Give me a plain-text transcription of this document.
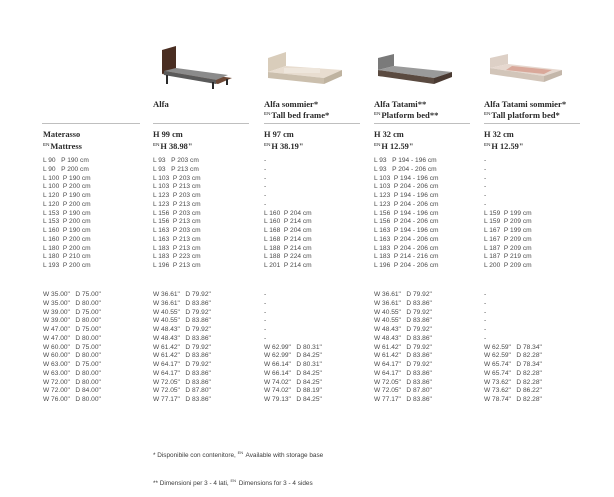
Alfa	Alfa sommier*
$^{EN}$Tall bed frame*
Alfa Tatami**
$^{EN}$Platform bed**
Alfa Tatami sommier*
$^{EN}$Tall platform bed*
Materasso
$^{EN}$Mattress
H 99 cm
$^{EN}$H 38.98"
H 97 cm
$^{EN}$H 38.19"
H 32 cm
$^{EN}$H 12.59"
H 32 cm
$^{EN}$H 12.59"
L 90   P 190 cm
L 90   P 200 cm
L 100  P 190 cm
L 100  P 200 cm
L 120  P 190 cm
L 120  P 200 cm
L 153  P 190 cm
L 153  P 200 cm
L 160  P 190 cm
L 160  P 200 cm
L 180  P 200 cm
L 180  P 210 cm
L 193  P 200 cm
W 35.00"   D 75.00"
W 35.00"   D 80.00"
W 39.00"   D 75.00"
W 39.00"   D 80.00"
W 47.00"   D 75.00"
W 47.00"   D 80.00"
W 60.00"   D 75.00"
W 60.00"   D 80.00"
W 63.00"   D 75.00"
W 63.00"   D 80.00"
W 72.00"   D 80.00"
W 72.00"   D 84.00"
W 76.00"   D 80.00"
L 93   P 203 cm
L 93   P 213 cm
L 103  P 203 cm
L 103  P 213 cm
L 123  P 203 cm
L 123  P 213 cm
L 156  P 203 cm
L 156  P 213 cm
L 163  P 203 cm
L 163  P 213 cm
L 183  P 213 cm
L 183  P 223 cm
L 196  P 213 cm
W 36.61"   D 79.92"
W 36.61"   D 83.86"
W 40.55"   D 79.92"
W 40.55"   D 83.86"
W 48.43"   D 79.92"
W 48.43"   D 83.86"
W 61.42"   D 79.92"
W 61.42"   D 83.86"
W 64.17"   D 79.92"
W 64.17"   D 83.86"
W 72.05"   D 83.86"
W 72.05"   D 87.80"
W 77.17"   D 83.86"
-
-
-
-
-
-
L 160  P 204 cm
L 160  P 214 cm
L 168  P 204 cm
L 168  P 214 cm
L 188  P 214 cm
L 188  P 224 cm
L 201  P 214 cm
-
-
-
-
-
-
W 62.99"   D 80.31"
W 62.99"   D 84.25"
W 66.14"   D 80.31"
W 66.14"   D 84.25"
W 74.02"   D 84.25"
W 74.02"   D 88.19"
W 79.13"   D 84.25"
L 93   P 194 - 196 cm
L 93   P 204 - 206 cm
L 103  P 194 - 196 cm
L 103  P 204 - 206 cm
L 123  P 194 - 196 cm
L 123  P 204 - 206 cm
L 156  P 194 - 196 cm
L 156  P 204 - 206 cm
L 163  P 194 - 196 cm
L 163  P 204 - 206 cm
L 183  P 204 - 206 cm
L 183  P 214 - 216 cm
L 196  P 204 - 206 cm
W 36.61"   D 79.92"
W 36.61"   D 83.86"
W 40.55"   D 79.92"
W 40.55"   D 83.86"
W 48.43"   D 79.92"
W 48.43"   D 83.86"
W 61.42"   D 79.92"
W 61.42"   D 83.86"
W 64.17"   D 79.92"
W 64.17"   D 83.86"
W 72.05"   D 83.86"
W 72.05"   D 87.80"
W 77.17"   D 83.86"
-
-
-
-
-
-
L 159  P 199 cm
L 159  P 209 cm
L 167  P 199 cm
L 167  P 209 cm
L 187  P 209 cm
L 187  P 219 cm
L 200  P 209 cm
-
-
-
-
-
-
W 62.59"   D 78.34"
W 62.59"   D 82.28"
W 65.74"   D 78.34"
W 65.74"   D 82.28"
W 73.62"   D 82.28"
W 73.62"   D 86.22"
W 78.74"   D 82.28"

* Disponibile con contenitore, $^{EN}$ Available with storage base

** Dimensioni per 3 - 4 lati, $^{EN}$ Dimensions for 3 - 4 sides
